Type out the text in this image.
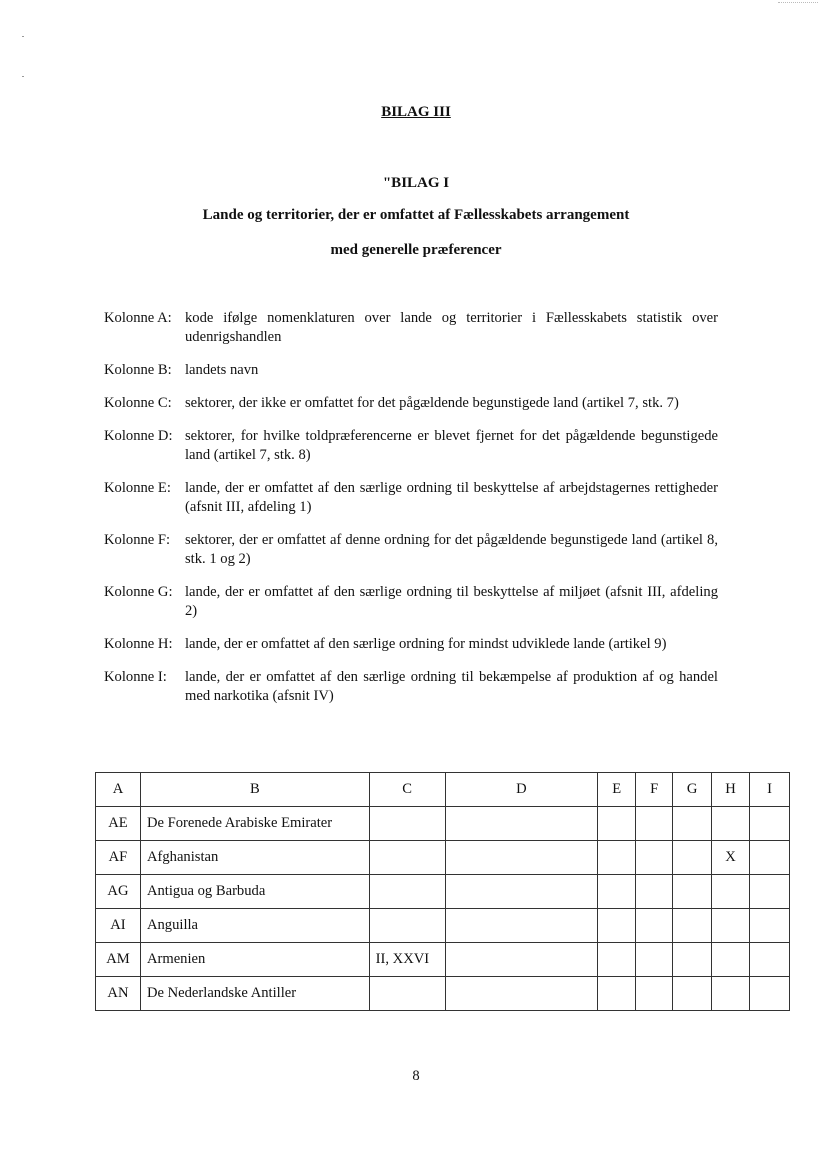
BILAG III
"BILAG I
Lande og territorier, der er omfattet af Fællesskabets arrangement
med generelle præferencer
Kolonne A: kode ifølge nomenklaturen over lande og territorier i Fællesskabets statistik over udenrigshandlen
Kolonne B: landets navn
Kolonne C: sektorer, der ikke er omfattet for det pågældende begunstigede land (artikel 7, stk. 7)
Kolonne D: sektorer, for hvilke toldpræferencerne er blevet fjernet for det pågældende begunstigede land (artikel 7, stk. 8)
Kolonne E: lande, der er omfattet af den særlige ordning til beskyttelse af arbejdstagernes rettigheder (afsnit III, afdeling 1)
Kolonne F: sektorer, der er omfattet af denne ordning for det pågældende begunstigede land (artikel 8, stk. 1 og 2)
Kolonne G: lande, der er omfattet af den særlige ordning til beskyttelse af miljøet (afsnit III, afdeling 2)
Kolonne H: lande, der er omfattet af den særlige ordning for mindst udviklede lande (artikel 9)
Kolonne I: lande, der er omfattet af den særlige ordning til bekæmpelse af produktion af og handel med narkotika (afsnit IV)
A	B	C	D	E	F	G	H	I
AE	De Forenede Arabiske Emirater							
AF	Afghanistan						X	
AG	Antigua og Barbuda							
AI	Anguilla							
AM	Armenien	II, XXVI						
AN	De Nederlandske Antiller							
8
